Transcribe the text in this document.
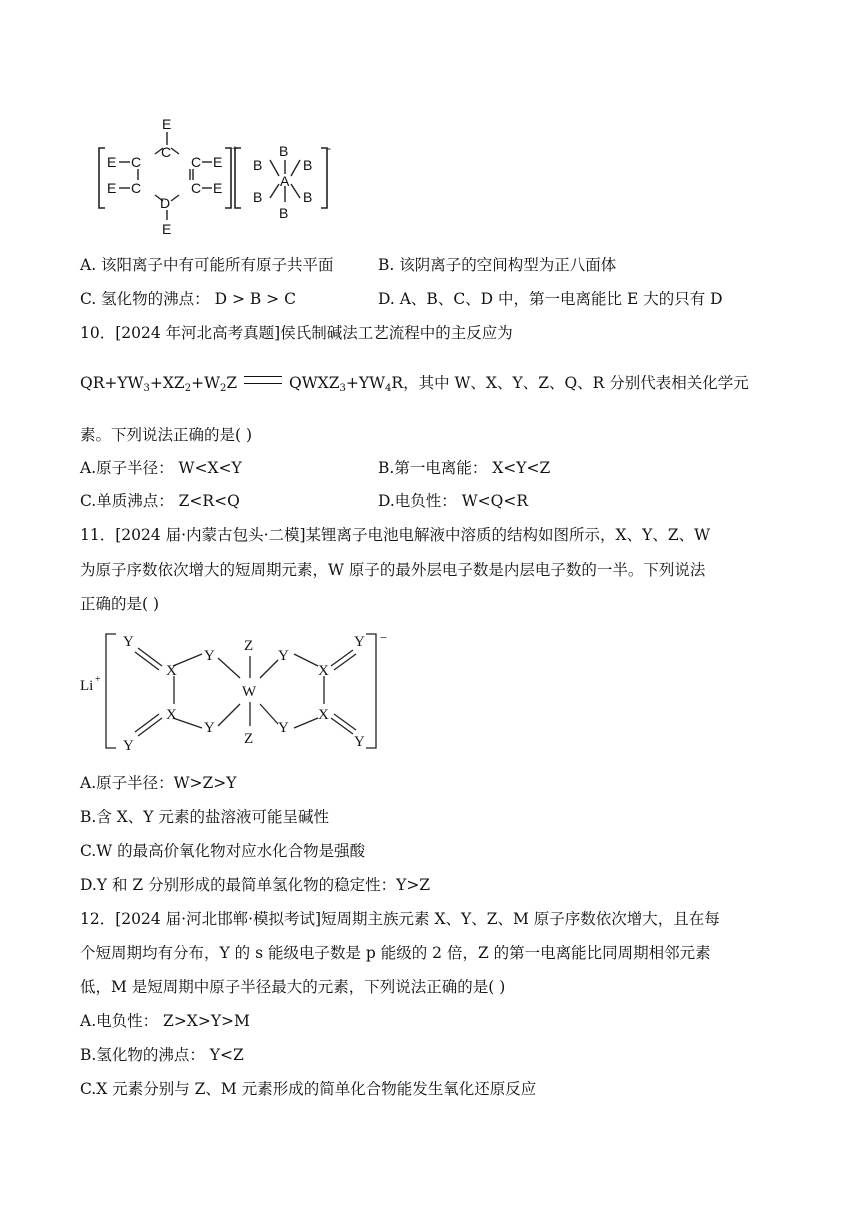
E
E C
C
E
E C
C
E
D
E
C
+
B
B
B
A
B
B
B
-
A. 该阳离子中有可能所有原子共平面	B. 该阴离子的空间构型为正八面体
C. 氢化物的沸点： D > B > C	D. A、B、C、D 中，第一电离能比 E 大的只有 D
10．[2024 年河北高考真题]侯氏制碱法工艺流程中的主反应为
$QR+YW_3+XZ_2+W_2Z$	$QWXZ_3+YW_4R$，其中 W、X、Y、Z、Q、R 分别代表相关化学元
素。下列说法正确的是( )
A.原子半径： W<X<Y	B.第一电离能： X<Y<Z
C.单质沸点： Z<R<Q	D.电负性： W<Q<R
11．[2024 届·内蒙古包头·二模]某锂离子电池电解液中溶质的结构如图所示，X、Y、Z、W
为原子序数依次增大的短周期元素，W 原子的最外层电子数是内层电子数的一半。下列说法
正确的是( )
Li +
Y
X
Y
Z
Y
Y
X
W
X
Y
X
Y	Z
Y
Y
−
A.原子半径：W>Z>Y
B.含 X、Y 元素的盐溶液可能呈碱性
C.W 的最高价氧化物对应水化合物是强酸
D.Y 和 Z 分别形成的最简单氢化物的稳定性：Y>Z
12．[2024 届·河北邯郸·模拟考试]短周期主族元素 X、Y、Z、M 原子序数依次增大，且在每
个短周期均有分布，Y 的 s 能级电子数是 p 能级的 2 倍，Z 的第一电离能比同周期相邻元素
低，M 是短周期中原子半径最大的元素，下列说法正确的是( )
A.电负性： Z>X>Y>M
B.氢化物的沸点： Y<Z
C.X 元素分别与 Z、M 元素形成的简单化合物能发生氧化还原反应
